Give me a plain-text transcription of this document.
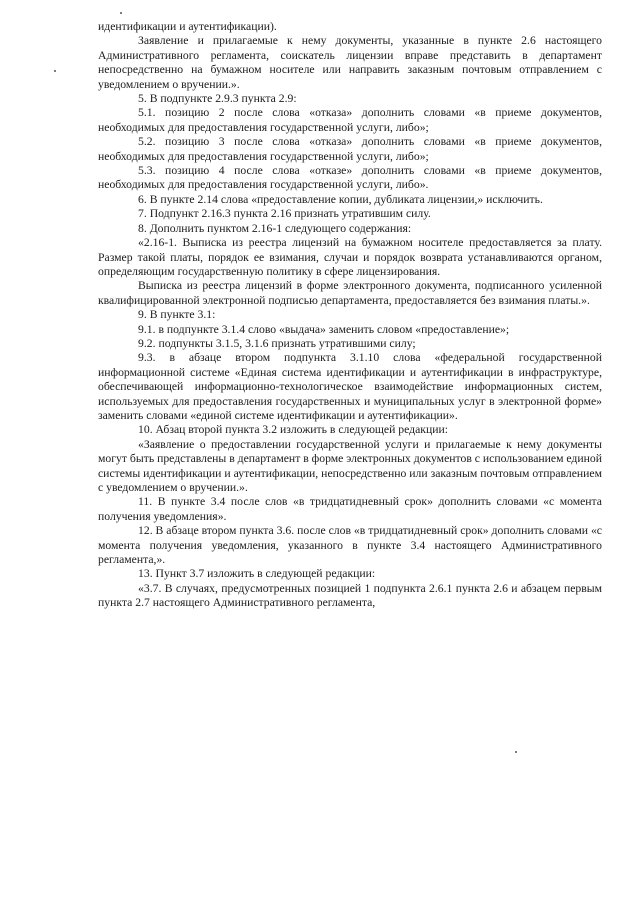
идентификации и аутентификации).

Заявление и прилагаемые к нему документы, указанные в пункте 2.6 настоящего Административного регламента, соискатель лицензии вправе представить в департамент непосредственно на бумажном носителе или направить заказным почтовым отправлением с уведомлением о вручении.».

5. В подпункте 2.9.3 пункта 2.9:

5.1. позицию 2 после слова «отказа» дополнить словами «в приеме документов, необходимых для предоставления государственной услуги, либо»;

5.2. позицию 3 после слова «отказа» дополнить словами «в приеме документов, необходимых для предоставления государственной услуги, либо»;

5.3. позицию 4 после слова «отказе» дополнить словами «в приеме документов, необходимых для предоставления государственной услуги, либо».

6. В пункте 2.14 слова «предоставление копии, дубликата лицензии,» исключить.

7. Подпункт 2.16.3 пункта 2.16 признать утратившим силу.

8. Дополнить пунктом 2.16-1 следующего содержания:

«2.16-1. Выписка из реестра лицензий на бумажном носителе предоставляется за плату. Размер такой платы, порядок ее взимания, случаи и порядок возврата устанавливаются органом, определяющим государственную политику в сфере лицензирования.

Выписка из реестра лицензий в форме электронного документа, подписанного усиленной квалифицированной электронной подписью департамента, предоставляется без взимания платы.».

9. В пункте 3.1:

9.1. в подпункте 3.1.4 слово «выдача» заменить словом «предоставление»;

9.2. подпункты 3.1.5, 3.1.6 признать утратившими силу;

9.3. в абзаце втором подпункта 3.1.10 слова «федеральной государственной информационной системе «Единая система идентификации и аутентификации в инфраструктуре, обеспечивающей информационно-технологическое взаимодействие информационных систем, используемых для предоставления государственных и муниципальных услуг в электронной форме» заменить словами «единой системе идентификации и аутентификации».

10. Абзац второй пункта 3.2 изложить в следующей редакции:

«Заявление о предоставлении государственной услуги и прилагаемые к нему документы могут быть представлены в департамент в форме электронных документов с использованием единой системы идентификации и аутентификации, непосредственно или заказным почтовым отправлением с уведомлением о вручении.».

11. В пункте 3.4 после слов «в тридцатидневный срок» дополнить словами «с момента получения уведомления».

12. В абзаце втором пункта 3.6. после слов «в тридцатидневный срок» дополнить словами «с момента получения уведомления, указанного в пункте 3.4 настоящего Административного регламента,».

13. Пункт 3.7 изложить в следующей редакции:

«3.7. В случаях, предусмотренных позицией 1 подпункта 2.6.1 пункта 2.6 и абзацем первым пункта 2.7 настоящего Административного регламента,
